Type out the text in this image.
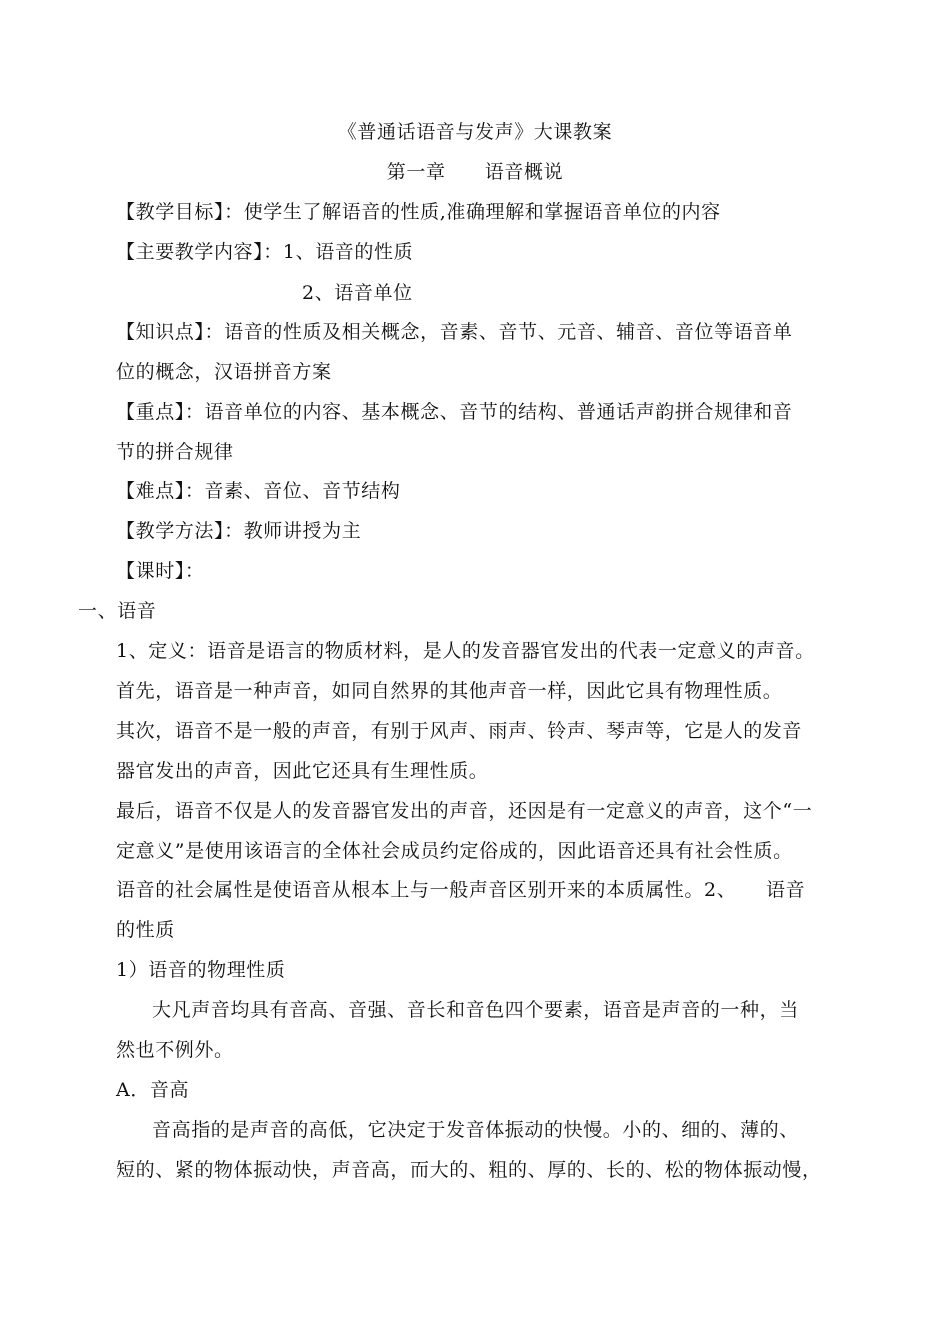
《普通话语音与发声》大课教案
第一章　　语音概说
【教学目标】：使学生了解语音的性质,准确理解和掌握语音单位的内容
【主要教学内容】：1、语音的性质
2、语音单位
【知识点】：语音的性质及相关概念，音素、音节、元音、辅音、音位等语音单
位的概念，汉语拼音方案
【重点】：语音单位的内容、基本概念、音节的结构、普通话声韵拼合规律和音
节的拼合规律
【难点】：音素、音位、音节结构
【教学方法】：教师讲授为主
【课时】：
一、语音
1、定义：语音是语言的物质材料，是人的发音器官发出的代表一定意义的声音。
首先，语音是一种声音，如同自然界的其他声音一样，因此它具有物理性质。
其次，语音不是一般的声音，有别于风声、雨声、铃声、琴声等，它是人的发音
器官发出的声音，因此它还具有生理性质。
最后，语音不仅是人的发音器官发出的声音，还因是有一定意义的声音，这个“一
定意义”是使用该语言的全体社会成员约定俗成的，因此语音还具有社会性质。
语音的社会属性是使语音从根本上与一般声音区别开来的本质属性。2、　　语音
的性质
1）语音的物理性质
大凡声音均具有音高、音强、音长和音色四个要素，语音是声音的一种，当
然也不例外。
A．音高
音高指的是声音的高低，它决定于发音体振动的快慢。小的、细的、薄的、
短的、紧的物体振动快，声音高，而大的、粗的、厚的、长的、松的物体振动慢，
